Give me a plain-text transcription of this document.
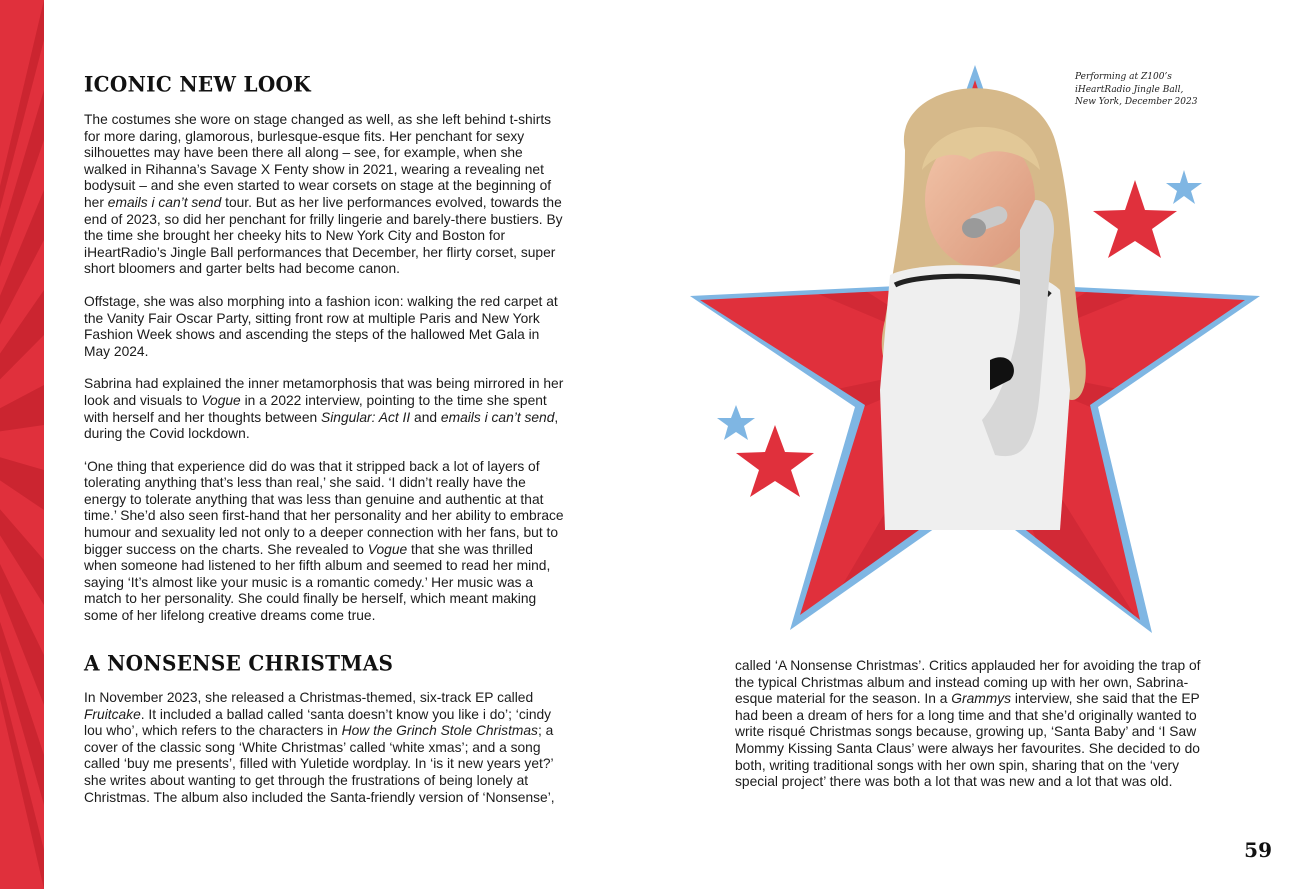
ICONIC NEW LOOK

The costumes she wore on stage changed as well, as she left behind t-shirts for more daring, glamorous, burlesque-esque fits. Her penchant for sexy silhouettes may have been there all along – see, for example, when she walked in Rihanna’s Savage X Fenty show in 2021, wearing a revealing net bodysuit – and she even started to wear corsets on stage at the beginning of her emails i can’t send tour. But as her live performances evolved, towards the end of 2023, so did her penchant for frilly lingerie and barely-there bustiers. By the time she brought her cheeky hits to New York City and Boston for iHeartRadio’s Jingle Ball performances that December, her flirty corset, super short bloomers and garter belts had become canon.

Offstage, she was also morphing into a fashion icon: walking the red carpet at the Vanity Fair Oscar Party, sitting front row at multiple Paris and New York Fashion Week shows and ascending the steps of the hallowed Met Gala in May 2024.

Sabrina had explained the inner metamorphosis that was being mirrored in her look and visuals to Vogue in a 2022 interview, pointing to the time she spent with herself and her thoughts between Singular: Act II and emails i can’t send, during the Covid lockdown.

‘One thing that experience did do was that it stripped back a lot of layers of tolerating anything that’s less than real,’ she said. ‘I didn’t really have the energy to tolerate anything that was less than genuine and authentic at that time.’ She’d also seen first-hand that her personality and her ability to embrace humour and sexuality led not only to a deeper connection with her fans, but to bigger success on the charts. She revealed to Vogue that she was thrilled when someone had listened to her fifth album and seemed to read her mind, saying ‘It’s almost like your music is a romantic comedy.’ Her music was a match to her personality. She could finally be herself, which meant making some of her lifelong creative dreams come true.

A NONSENSE CHRISTMAS

In November 2023, she released a Christmas-themed, six-track EP called Fruitcake. It included a ballad called ‘santa doesn’t know you like i do’; ‘cindy lou who’, which refers to the characters in How the Grinch Stole Christmas; a cover of the classic song ‘White Christmas’ called ‘white xmas’; and a song called ‘buy me presents’, filled with Yuletide wordplay. In ‘is it new years yet?’ she writes about wanting to get through the frustrations of being lonely at Christmas. The album also included the Santa-friendly version of ‘Nonsense’,

called ‘A Nonsense Christmas’. Critics applauded her for avoiding the trap of the typical Christmas album and instead coming up with her own, Sabrina-esque material for the season. In a Grammys interview, she said that the EP had been a dream of hers for a long time and that she’d originally wanted to write risqué Christmas songs because, growing up, ‘Santa Baby’ and ‘I Saw Mommy Kissing Santa Claus’ were always her favourites. She decided to do both, writing traditional songs with her own spin, sharing that on the ‘very special project’ there was both a lot that was new and a lot that was old.

Performing at Z100’s
iHeartRadio Jingle Ball,
New York, December 2023
59
